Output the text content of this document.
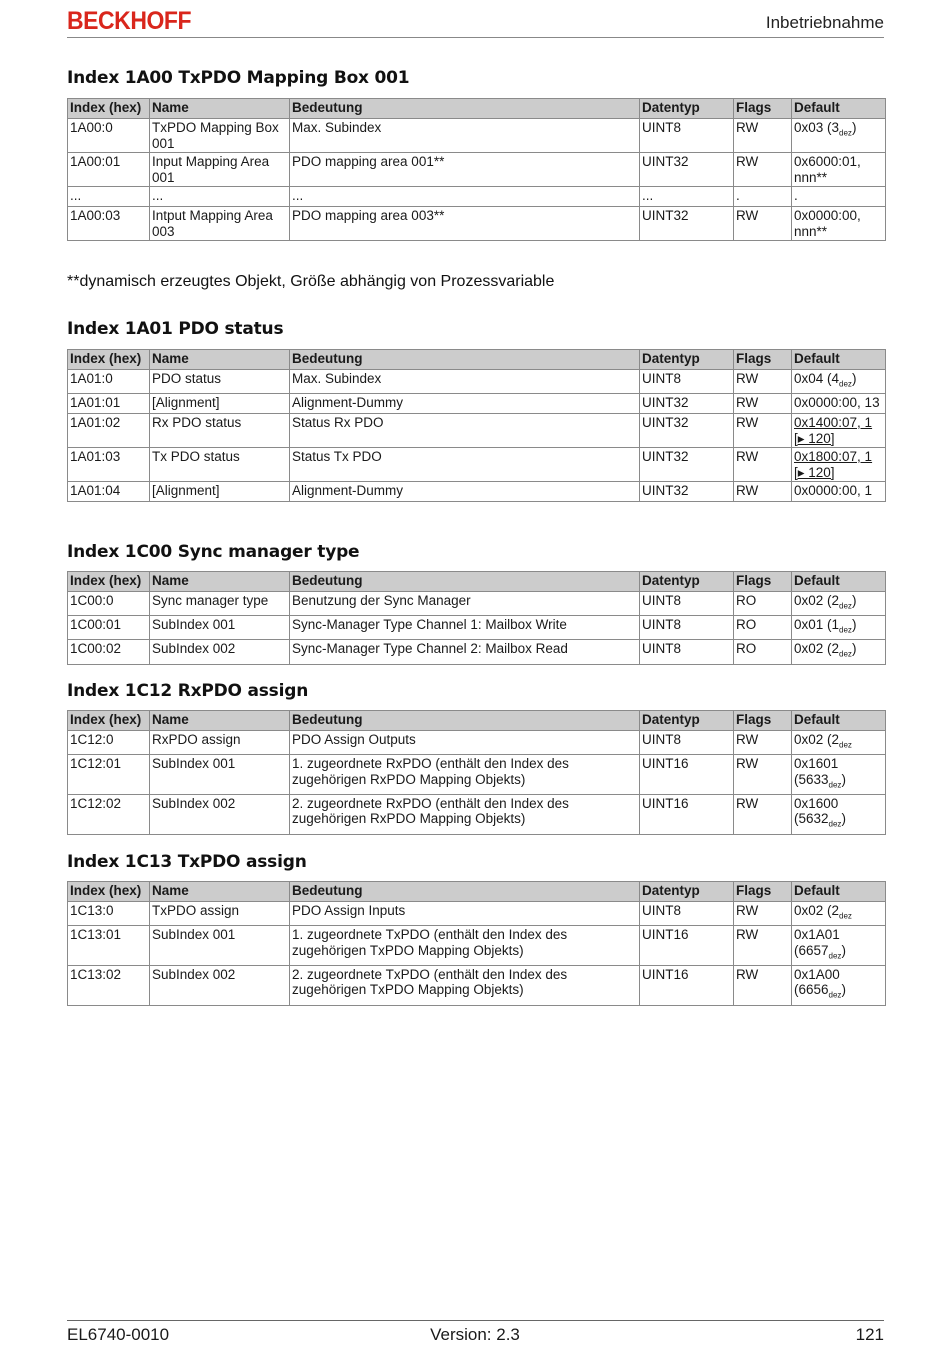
BECKHOFF	Inbetriebnahme
Index 1A00 TxPDO Mapping Box 001
Index (hex)	Name	Bedeutung	Datentyp	Flags	Default
1A00:0	TxPDO Mapping Box 001	Max. Subindex	UINT8	RW	0x03 $(3_{dez})$
1A00:01	Input Mapping Area 001	PDO mapping area 001**	UINT32	RW	0x6000:01, nnn**
...	...	...	...	.	.
1A00:03	Intput Mapping Area 003	PDO mapping area 003**	UINT32	RW	0x0000:00, nnn**
Index 1A01 PDO status
Index (hex)	Name	Bedeutung	Datentyp	Flags	Default
1A01:0	PDO status	Max. Subindex	UINT8	RW	0x04 $(4_{dez})$
1A01:01	[Alignment]	Alignment-Dummy	UINT32	RW	0x0000:00, 13
1A01:02	Rx PDO status	Status Rx PDO	UINT32	RW	0x1400:07, 1 [▸ 120]
1A01:03	Tx PDO status	Status Tx PDO	UINT32	RW	0x1800:07, 1 [▸ 120]
1A01:04	[Alignment]	Alignment-Dummy	UINT32	RW	0x0000:00, 1
Index 1C00 Sync manager type
Index (hex)	Name	Bedeutung	Datentyp	Flags	Default
1C00:0	Sync manager type	Benutzung der Sync Manager	UINT8	RO	0x02 $(2_{dez})$
1C00:01	SubIndex 001	Sync-Manager Type Channel 1: Mailbox Write	UINT8	RO	0x01 $(1_{dez})$
1C00:02	SubIndex 002	Sync-Manager Type Channel 2: Mailbox Read	UINT8	RO	0x02 $(2_{dez})$
Index 1C12 RxPDO assign
Index (hex)	Name	Bedeutung	Datentyp	Flags	Default
1C12:0	RxPDO assign	PDO Assign Outputs	UINT8	RW	0x02 ($2_{dez}$
1C12:01	SubIndex 001	1. zugeordnete RxPDO (enthält den Index des zugehörigen RxPDO Mapping Objekts)	UINT16	RW	0x1601 $(5633_{dez})$
1C12:02	SubIndex 002	2. zugeordnete RxPDO (enthält den Index des zugehörigen RxPDO Mapping Objekts)	UINT16	RW	0x1600 $(5632_{dez})$
Index 1C13 TxPDO assign
Index (hex)	Name	Bedeutung	Datentyp	Flags	Default
1C13:0	TxPDO assign	PDO Assign Inputs	UINT8	RW	0x02 ($2_{dez}$
1C13:01	SubIndex 001	1. zugeordnete TxPDO (enthält den Index des zugehörigen TxPDO Mapping Objekts)	UINT16	RW	0x1A01 $(6657_{dez})$
1C13:02	SubIndex 002	2. zugeordnete TxPDO (enthält den Index des zugehörigen TxPDO Mapping Objekts)	UINT16	RW	0x1A00 $(6656_{dez})$
**dynamisch erzeugtes Objekt, Größe abhängig von Prozessvariable
EL6740-0010	Version: 2.3	121
